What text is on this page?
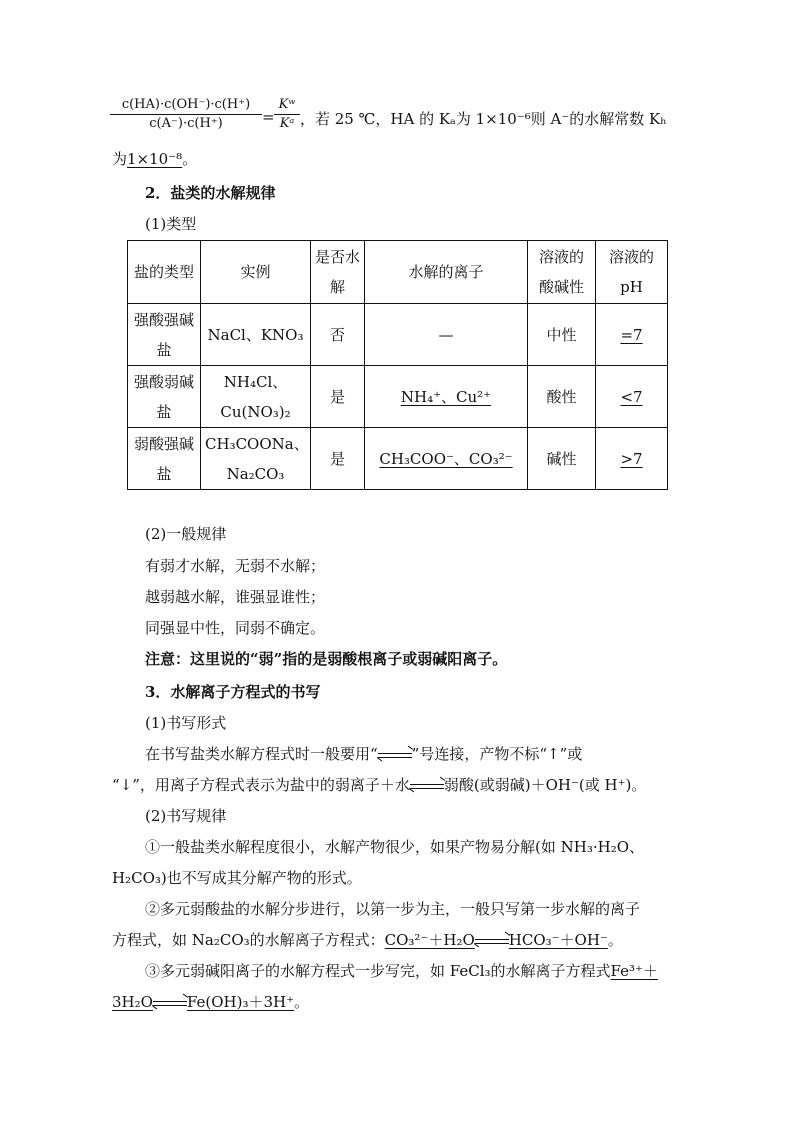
$\frac{c(HA)\cdot c(OH^-)\cdot c(H^+)}{c(A^-)\cdot c(H^+)} = \frac{\text{Kʷ}}{\text{Kᵃ}}$ ，若 25 ℃，HA 的 Kₐ为 1×10⁻⁶则 A⁻的水解常数 Kₕ
为1×10⁻⁸。
2．盐类的水解规律
(1)类型
盐的类型	实例	是否水解	水解的离子	溶液的酸碱性	溶液的pH
强酸强碱盐	NaCl、KNO₃	否	—	中性	=7
强酸弱碱盐	NH₄Cl、Cu(NO₃)₂	是	NH₄⁺、Cu²⁺	酸性	<7
弱酸强碱盐	CH₃COONa、Na₂CO₃	是	CH₃COO⁻、CO₃²⁻	碱性	>7
(2)一般规律
有弱才水解，无弱不水解；
越弱越水解，谁强显谁性；
同强显中性，同弱不确定。
注意：这里说的“弱”指的是弱酸根离子或弱碱阳离子。
3．水解离子方程式的书写
(1)书写形式
在书写盐类水解方程式时一般要用“ ”号连接，产物不标“↑”或
“↓”，用离子方程式表示为盐中的弱离子＋水 弱酸(或弱碱)＋OH⁻(或 H⁺)。
(2)书写规律
①一般盐类水解程度很小，水解产物很少，如果产物易分解(如 NH₃·H₂O、
H₂CO₃)也不写成其分解产物的形式。
②多元弱酸盐的水解分步进行，以第一步为主，一般只写第一步水解的离子
方程式，如 Na₂CO₃的水解离子方程式：CO₃²⁻＋H₂O HCO₃⁻＋OH⁻。
③多元弱碱阳离子的水解方程式一步写完，如 FeCl₃的水解离子方程式Fe³⁺＋
3H₂O Fe(OH)₃＋3H⁺。
